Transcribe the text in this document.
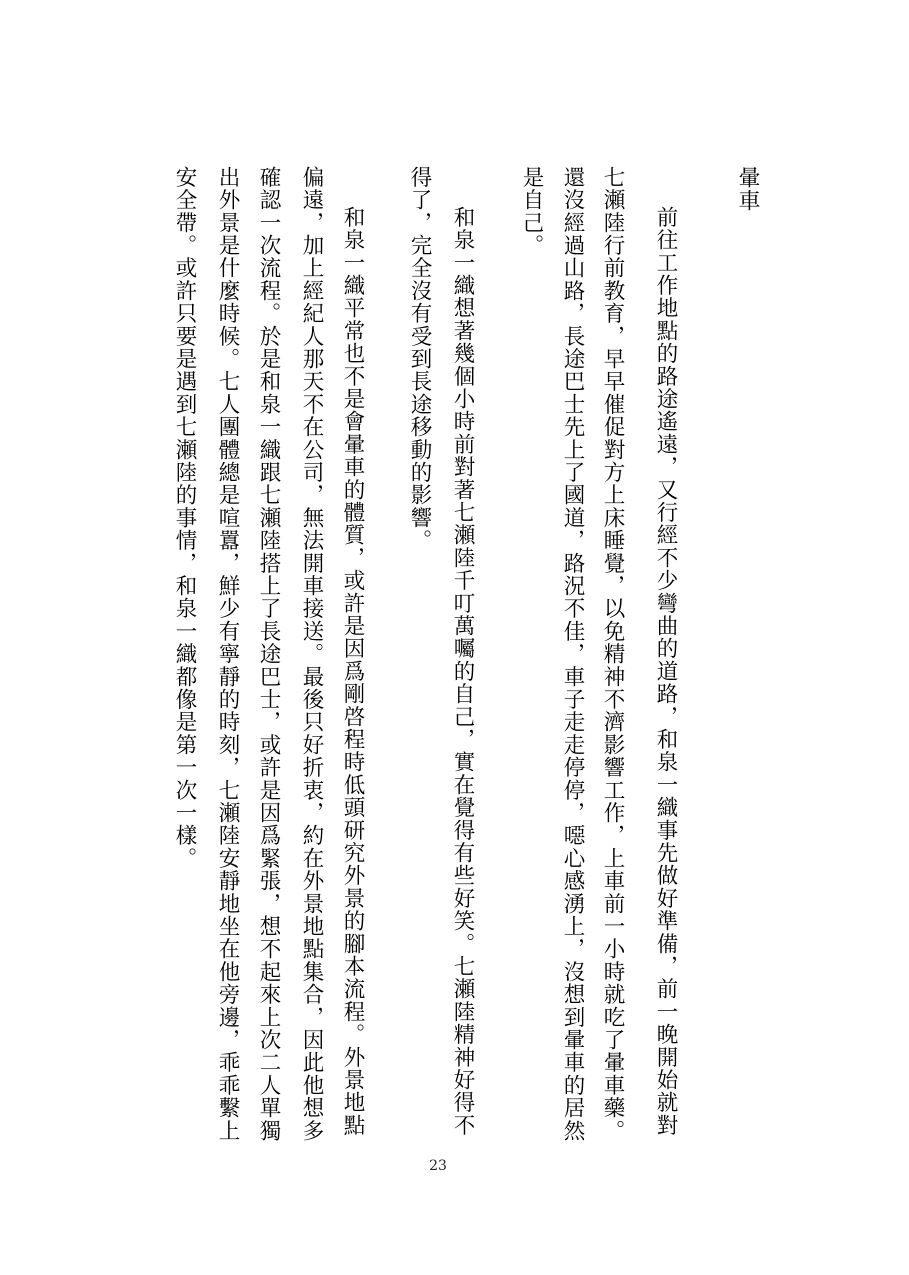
暈車
前往工作地點的路途遙遠，又行經不少彎曲的道路，和泉一織事先做好準備，前一晚開始就對
七瀬陸行前教育，早早催促對方上床睡覺，以免精神不濟影響工作，上車前一小時就吃了暈車藥。
還沒經過山路，長途巴士先上了國道，路況不佳，車子走走停停，噁心感湧上，沒想到暈車的居然
是自己。
和泉一織想著幾個小時前對著七瀬陸千叮萬囑的自己，實在覺得有些好笑。七瀬陸精神好得不
得了，完全沒有受到長途移動的影響。
和泉一織平常也不是會暈車的體質，或許是因爲剛啓程時低頭研究外景的腳本流程。外景地點
偏遠，加上經紀人那天不在公司，無法開車接送。最後只好折衷，約在外景地點集合，因此他想多
確認一次流程。於是和泉一織跟七瀬陸搭上了長途巴士，或許是因爲緊張，想不起來上次二人單獨
出外景是什麼時候。七人團體總是喧囂，鮮少有寧靜的時刻，七瀬陸安靜地坐在他旁邊，乖乖繫上
安全帶。或許只要是遇到七瀬陸的事情，和泉一織都像是第一次一樣。
23
